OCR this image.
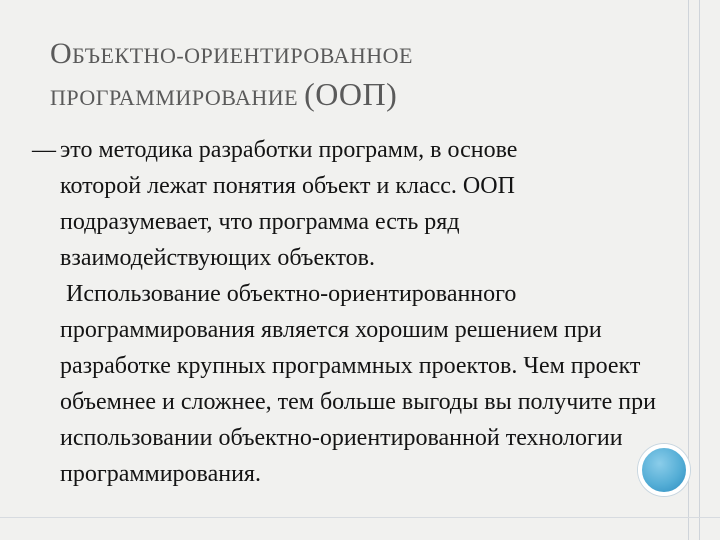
ОБЪЕКТНО-ОРИЕНТИРОВАННОЕ
ПРОГРАММИРОВАНИЕ (ООП)

— это методика разработки программ, в основе
которой лежат понятия объект и класс. ООП подразумевает, что программа есть ряд взаимодействующих объектов.

Использование объектно-ориентированного
программирования является хорошим решением при разработке крупных программных проектов. Чем проект объемнее и сложнее, тем больше выгоды вы получите при использовании объектно-ориентированной технологии программирования.
